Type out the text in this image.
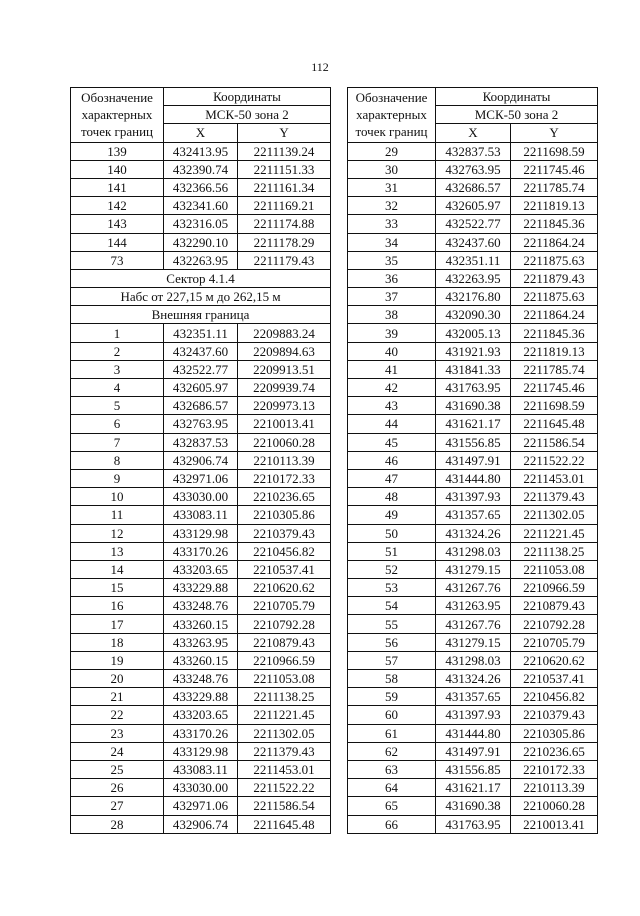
112
Обозначение
характерных
точек границ	Координаты	
	МСК-50 зона 2	
	X	Y
139	432413.95	2211139.24
140	432390.74	2211151.33
141	432366.56	2211161.34
142	432341.60	2211169.21
143	432316.05	2211174.88
144	432290.10	2211178.29
73	432263.95	2211179.43
Сектор 4.1.4		
Набс от 227,15 м до 262,15 м		
Внешняя граница		
1	432351.11	2209883.24
2	432437.60	2209894.63
3	432522.77	2209913.51
4	432605.97	2209939.74
5	432686.57	2209973.13
6	432763.95	2210013.41
7	432837.53	2210060.28
8	432906.74	2210113.39
9	432971.06	2210172.33
10	433030.00	2210236.65
11	433083.11	2210305.86
12	433129.98	2210379.43
13	433170.26	2210456.82
14	433203.65	2210537.41
15	433229.88	2210620.62
16	433248.76	2210705.79
17	433260.15	2210792.28
18	433263.95	2210879.43
19	433260.15	2210966.59
20	433248.76	2211053.08
21	433229.88	2211138.25
22	433203.65	2211221.45
23	433170.26	2211302.05
24	433129.98	2211379.43
25	433083.11	2211453.01
26	433030.00	2211522.22
27	432971.06	2211586.54
28	432906.74	2211645.48
Обозначение
характерных
точек границ	Координаты	
	МСК-50 зона 2	
	X	Y
29	432837.53	2211698.59
30	432763.95	2211745.46
31	432686.57	2211785.74
32	432605.97	2211819.13
33	432522.77	2211845.36
34	432437.60	2211864.24
35	432351.11	2211875.63
36	432263.95	2211879.43
37	432176.80	2211875.63
38	432090.30	2211864.24
39	432005.13	2211845.36
40	431921.93	2211819.13
41	431841.33	2211785.74
42	431763.95	2211745.46
43	431690.38	2211698.59
44	431621.17	2211645.48
45	431556.85	2211586.54
46	431497.91	2211522.22
47	431444.80	2211453.01
48	431397.93	2211379.43
49	431357.65	2211302.05
50	431324.26	2211221.45
51	431298.03	2211138.25
52	431279.15	2211053.08
53	431267.76	2210966.59
54	431263.95	2210879.43
55	431267.76	2210792.28
56	431279.15	2210705.79
57	431298.03	2210620.62
58	431324.26	2210537.41
59	431357.65	2210456.82
60	431397.93	2210379.43
61	431444.80	2210305.86
62	431497.91	2210236.65
63	431556.85	2210172.33
64	431621.17	2210113.39
65	431690.38	2210060.28
66	431763.95	2210013.41
